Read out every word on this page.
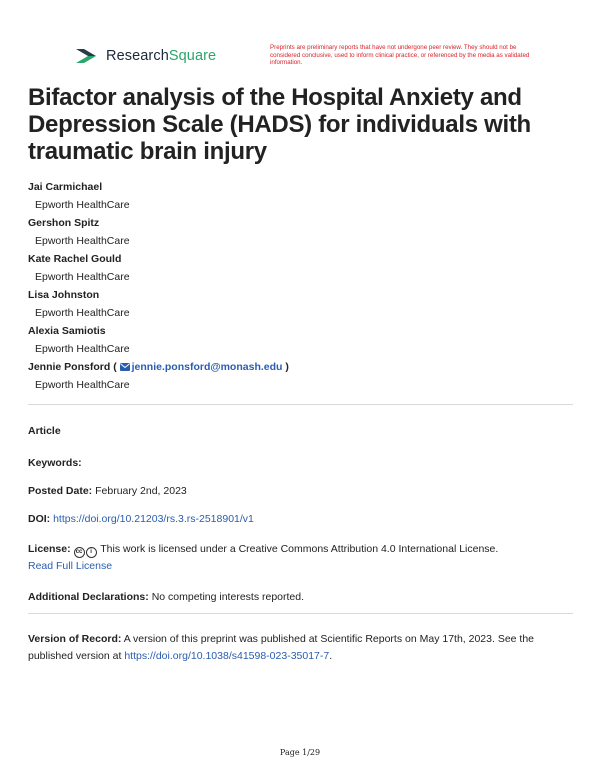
ResearchSquare
Preprints are preliminary reports that have not undergone peer review. They should not be considered conclusive, used to inform clinical practice, or referenced by the media as validated information.
Bifactor analysis of the Hospital Anxiety and Depression Scale (HADS) for individuals with traumatic brain injury
Jai Carmichael
Epworth HealthCare
Gershon Spitz
Epworth HealthCare
Kate Rachel Gould
Epworth HealthCare
Lisa Johnston
Epworth HealthCare
Alexia Samiotis
Epworth HealthCare
Jennie Ponsford ( jennie.ponsford@monash.edu )
Epworth HealthCare
Article
Keywords:
Posted Date: February 2nd, 2023
DOI: https://doi.org/10.21203/rs.3.rs-2518901/v1
License: cc i This work is licensed under a Creative Commons Attribution 4.0 International License.
Read Full License
Additional Declarations: No competing interests reported.
Version of Record: A version of this preprint was published at Scientific Reports on May 17th, 2023. See the published version at https://doi.org/10.1038/s41598-023-35017-7.
Page 1/29
